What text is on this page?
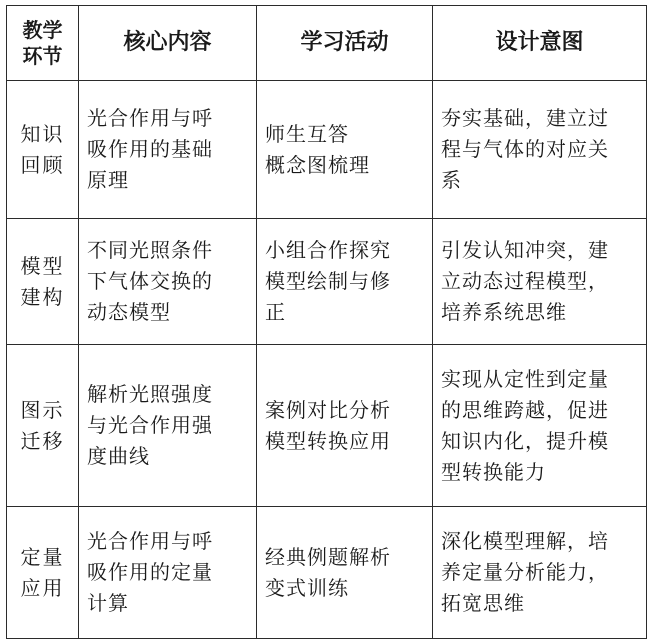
教学
环节	核心内容	学习活动	设计意图

知识
回顾	光合作用与呼
吸作用的基础
原理	师生互答
概念图梳理	夯实基础，建立过
程与气体的对应关
系

模型
建构	不同光照条件
下气体交换的
动态模型	小组合作探究
模型绘制与修
正	引发认知冲突，建
立动态过程模型，
培养系统思维

图示
迁移	解析光照强度
与光合作用强
度曲线	案例对比分析
模型转换应用	实现从定性到定量
的思维跨越，促进
知识内化，提升模
型转换能力

定量
应用	光合作用与呼
吸作用的定量
计算	经典例题解析
变式训练	深化模型理解，培
养定量分析能力，
拓宽思维
